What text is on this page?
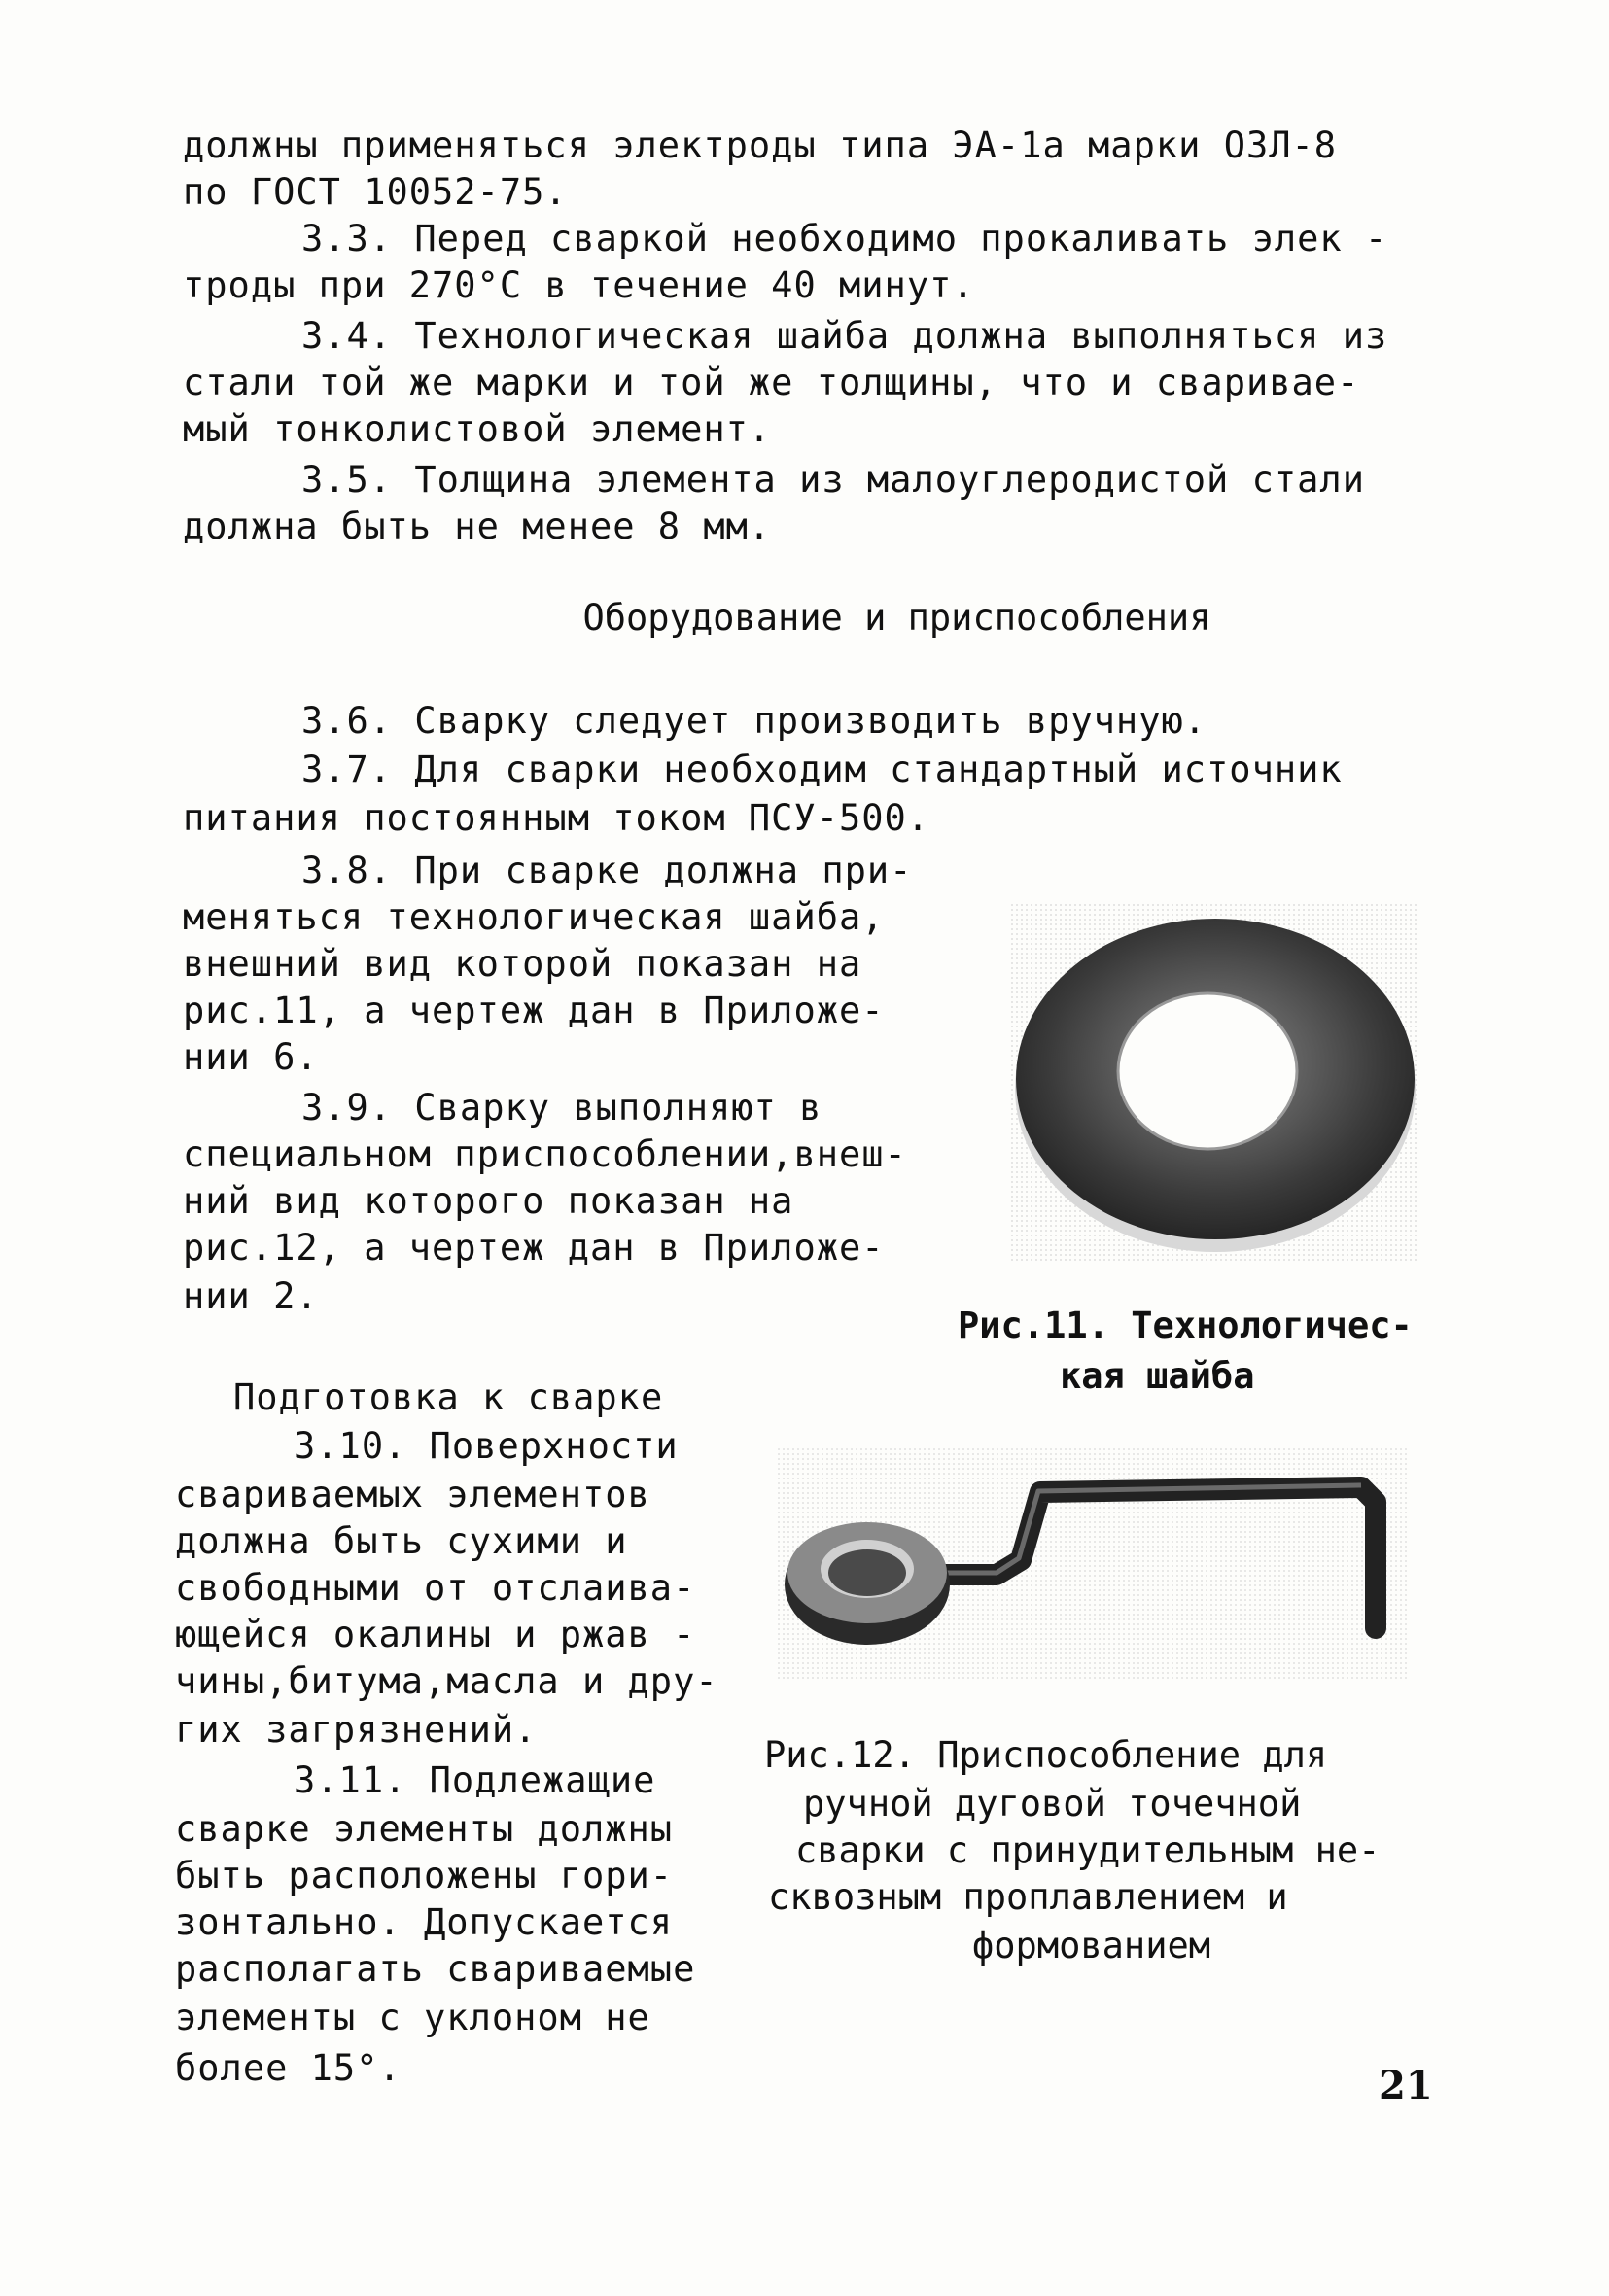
должны применяться электроды типа ЭА-1а марки ОЗЛ-8
по ГОСТ 10052-75.
3.3. Перед сваркой необходимо прокаливать элек -
троды при 270°С в течение 40 минут.
3.4. Технологическая шайба должна выполняться из
стали той же марки и той же толщины, что и сваривае-
мый тонколистовой элемент.
3.5. Толщина элемента из малоуглеродистой стали
должна быть не менее 8 мм.
Оборудование и приспособления
3.6. Сварку следует производить вручную.
3.7. Для сварки необходим стандартный источник
питания постоянным током ПСУ-500.
3.8. При сварке должна при-
меняться технологическая шайба,
внешний вид которой показан на
рис.11, а чертеж дан в Приложе-
нии 6.
3.9. Сварку выполняют в
специальном приспособлении,внеш-
ний вид которого показан на
рис.12, а чертеж дан в Приложе-
нии 2.
Рис.11. Технологичес-
кая шайба
Подготовка к сварке
3.10. Поверхности
свариваемых элементов
должна быть сухими и
свободными от отслаива-
ющейся окалины и ржав -
чины,битума,масла и дру-
гих загрязнений.
3.11. Подлежащие
сварке элементы должны
быть расположены гори-
зонтально. Допускается
располагать свариваемые
элементы с уклоном не
более 15°.
Рис.12. Приспособление для
ручной дуговой точечной
сварки с принудительным не-
сквозным проплавлением и
формованием
21
